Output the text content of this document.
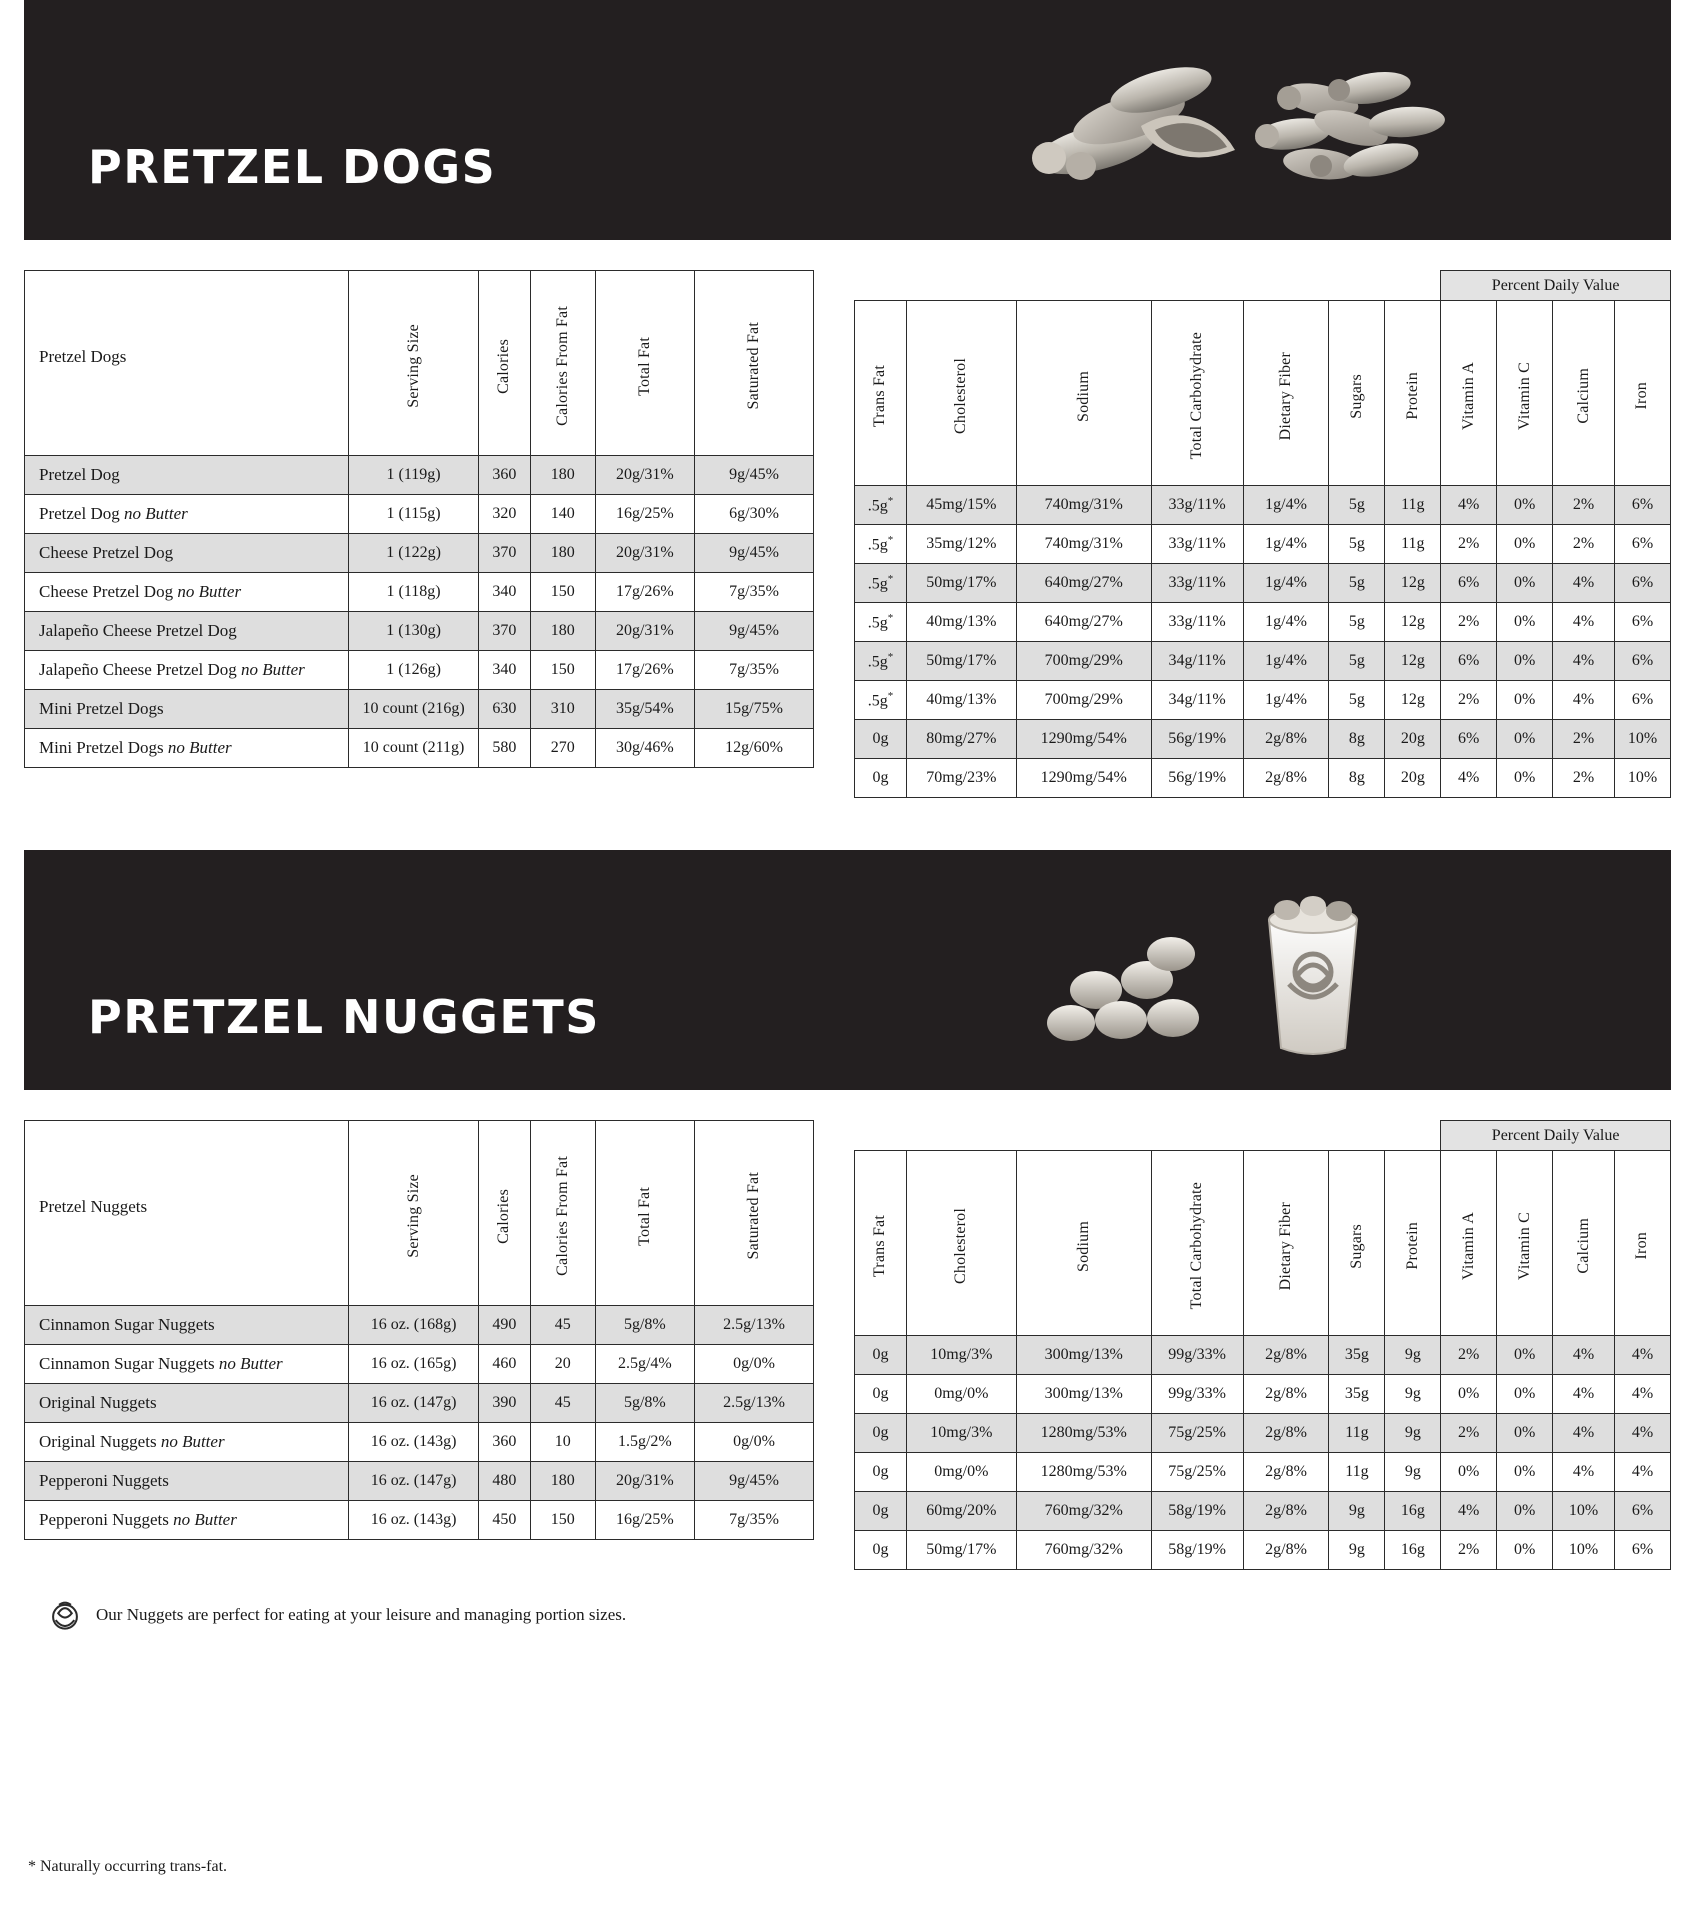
PRETZEL DOGS
Pretzel Dogs	Serving Size	Calories	Calories From Fat	Total Fat	Saturated Fat

Pretzel Dog	1 (119g)	360	180	20g/31%	9g/45%
Pretzel Dog no Butter	1 (115g)	320	140	16g/25%	6g/30%
Cheese Pretzel Dog	1 (122g)	370	180	20g/31%	9g/45%
Cheese Pretzel Dog no Butter	1 (118g)	340	150	17g/26%	7g/35%
Jalapeño Cheese Pretzel Dog	1 (130g)	370	180	20g/31%	9g/45%
Jalapeño Cheese Pretzel Dog no Butter	1 (126g)	340	150	17g/26%	7g/35%
Mini Pretzel Dogs	10 count (216g)	630	310	35g/54%	15g/75%
Mini Pretzel Dogs no Butter	10 count (211g)	580	270	30g/46%	12g/60%
							Percent Daily Value			

Trans Fat	Cholesterol	Sodium	Total Carbohydrate	Dietary Fiber	Sugars	Protein	Vitamin A	Vitamin C	Calcium	Iron

.5g*	45mg/15%	740mg/31%	33g/11%	1g/4%	5g	11g	4%	0%	2%	6%
.5g*	35mg/12%	740mg/31%	33g/11%	1g/4%	5g	11g	2%	0%	2%	6%
.5g*	50mg/17%	640mg/27%	33g/11%	1g/4%	5g	12g	6%	0%	4%	6%
.5g*	40mg/13%	640mg/27%	33g/11%	1g/4%	5g	12g	2%	0%	4%	6%
.5g*	50mg/17%	700mg/29%	34g/11%	1g/4%	5g	12g	6%	0%	4%	6%
.5g*	40mg/13%	700mg/29%	34g/11%	1g/4%	5g	12g	2%	0%	4%	6%
0g	80mg/27%	1290mg/54%	56g/19%	2g/8%	8g	20g	6%	0%	2%	10%
0g	70mg/23%	1290mg/54%	56g/19%	2g/8%	8g	20g	4%	0%	2%	10%
PRETZEL NUGGETS
Pretzel Nuggets	Serving Size	Calories	Calories From Fat	Total Fat	Saturated Fat

Cinnamon Sugar Nuggets	16 oz. (168g)	490	45	5g/8%	2.5g/13%
Cinnamon Sugar Nuggets no Butter	16 oz. (165g)	460	20	2.5g/4%	0g/0%
Original Nuggets	16 oz. (147g)	390	45	5g/8%	2.5g/13%
Original Nuggets no Butter	16 oz. (143g)	360	10	1.5g/2%	0g/0%
Pepperoni Nuggets	16 oz. (147g)	480	180	20g/31%	9g/45%
Pepperoni Nuggets no Butter	16 oz. (143g)	450	150	16g/25%	7g/35%
							Percent Daily Value			

Trans Fat	Cholesterol	Sodium	Total Carbohydrate	Dietary Fiber	Sugars	Protein	Vitamin A	Vitamin C	Calcium	Iron

0g	10mg/3%	300mg/13%	99g/33%	2g/8%	35g	9g	2%	0%	4%	4%
0g	0mg/0%	300mg/13%	99g/33%	2g/8%	35g	9g	0%	0%	4%	4%
0g	10mg/3%	1280mg/53%	75g/25%	2g/8%	11g	9g	2%	0%	4%	4%
0g	0mg/0%	1280mg/53%	75g/25%	2g/8%	11g	9g	0%	0%	4%	4%
0g	60mg/20%	760mg/32%	58g/19%	2g/8%	9g	16g	4%	0%	10%	6%
0g	50mg/17%	760mg/32%	58g/19%	2g/8%	9g	16g	2%	0%	10%	6%
Our Nuggets are perfect for eating at your leisure and managing portion sizes.
* Naturally occurring trans-fat.
